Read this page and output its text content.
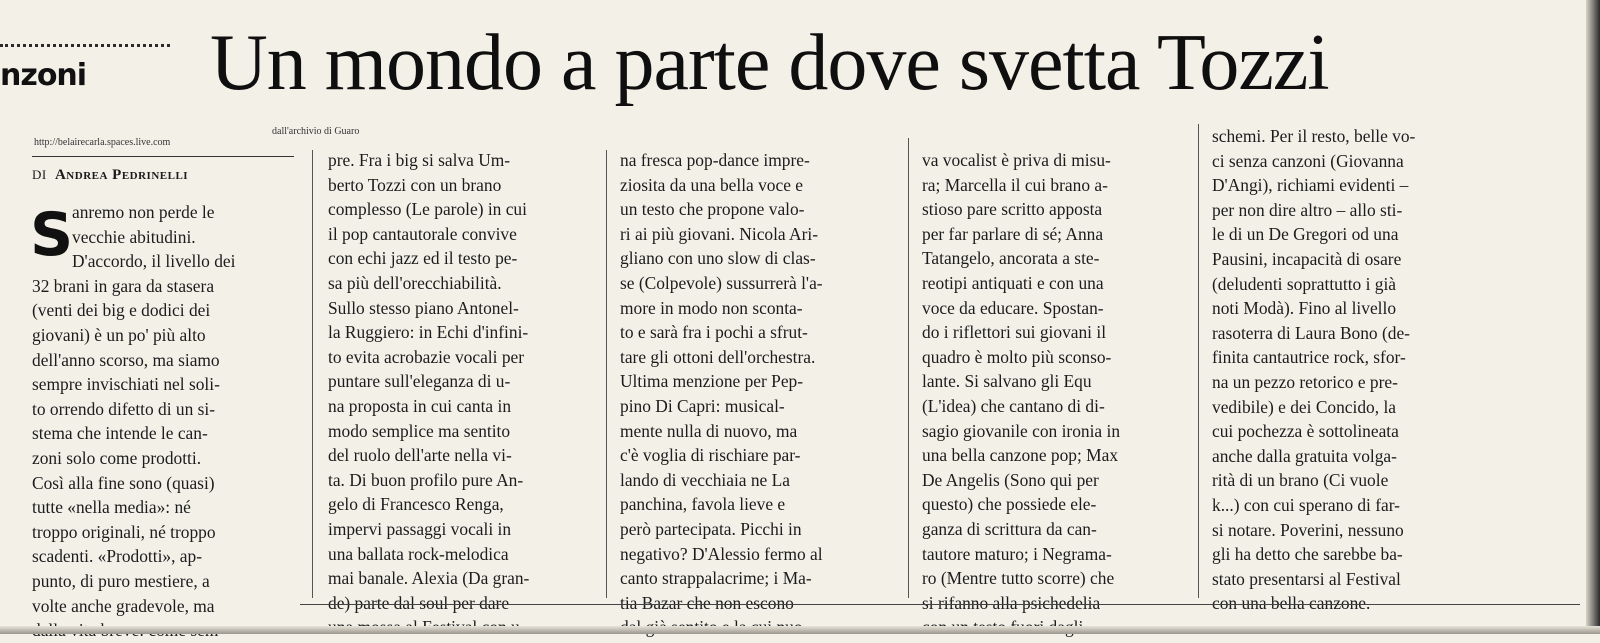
nzoni Un mondo a parte dove svetta Tozzi
http://belairecarla.spaces.live.com
dall'archivio di Guaro
DI Andrea Pedrinelli
S
anremo non perde le
vecchie abitudini.
D'accordo, il livello dei
32 brani in gara da stasera
(venti dei big e dodici dei
giovani) è un po' più alto
dell'anno scorso, ma siamo
sempre invischiati nel soli-
to orrendo difetto di un si-
stema che intende le can-
zoni solo come prodotti.
Così alla fine sono (quasi)
tutte «nella media»: né
troppo originali, né troppo
scadenti. «Prodotti», ap-
punto, di puro mestiere, a
volte anche gradevole, ma
pre. Fra i big si salva Um-
berto Tozzi con un brano
complesso (Le parole) in cui
il pop cantautorale convive
con echi jazz ed il testo pe-
sa più dell'orecchiabilità.
Sullo stesso piano Antonel-
la Ruggiero: in Echi d'infini-
to evita acrobazie vocali per
puntare sull'eleganza di u-
na proposta in cui canta in
modo semplice ma sentito
del ruolo dell'arte nella vi-
ta. Di buon profilo pure An-
gelo di Francesco Renga,
impervi passaggi vocali in
una ballata rock-melodica
mai banale. Alexia (Da gran-
de) parte dal soul per dare
na fresca pop-dance impre-
ziosita da una bella voce e
un testo che propone valo-
ri ai più giovani. Nicola Ari-
gliano con uno slow di clas-
se (Colpevole) sussurrerà l'a-
more in modo non sconta-
to e sarà fra i pochi a sfrut-
tare gli ottoni dell'orchestra.
Ultima menzione per Pep-
pino Di Capri: musical-
mente nulla di nuovo, ma
c'è voglia di rischiare par-
lando di vecchiaia ne La
panchina, favola lieve e
però partecipata. Picchi in
negativo? D'Alessio fermo al
canto strappalacrime; i Ma-
tia Bazar che non escono
va vocalist è priva di misu-
ra; Marcella il cui brano a-
stioso pare scritto apposta
per far parlare di sé; Anna
Tatangelo, ancorata a ste-
reotipi antiquati e con una
voce da educare. Spostan-
do i riflettori sui giovani il
quadro è molto più sconso-
lante. Si salvano gli Equ
(L'idea) che cantano di di-
sagio giovanile con ironia in
una bella canzone pop; Max
De Angelis (Sono qui per
questo) che possiede ele-
ganza di scrittura da can-
tautore maturo; i Negrama-
ro (Mentre tutto scorre) che
si rifanno alla psichedelia
schemi. Per il resto, belle vo-
ci senza canzoni (Giovanna
D'Angi), richiami evidenti –
per non dire altro – allo sti-
le di un De Gregori od una
Pausini, incapacità di osare
(deludenti soprattutto i già
noti Modà). Fino al livello
rasoterra di Laura Bono (de-
finita cantautrice rock, sfor-
na un pezzo retorico e pre-
vedibile) e dei Concido, la
cui pochezza è sottolineata
anche dalla gratuita volga-
rità di un brano (Ci vuole
k...) con cui sperano di far-
si notare. Poverini, nessuno
gli ha detto che sarebbe ba-
stato presentarsi al Festival
con una bella canzone.
